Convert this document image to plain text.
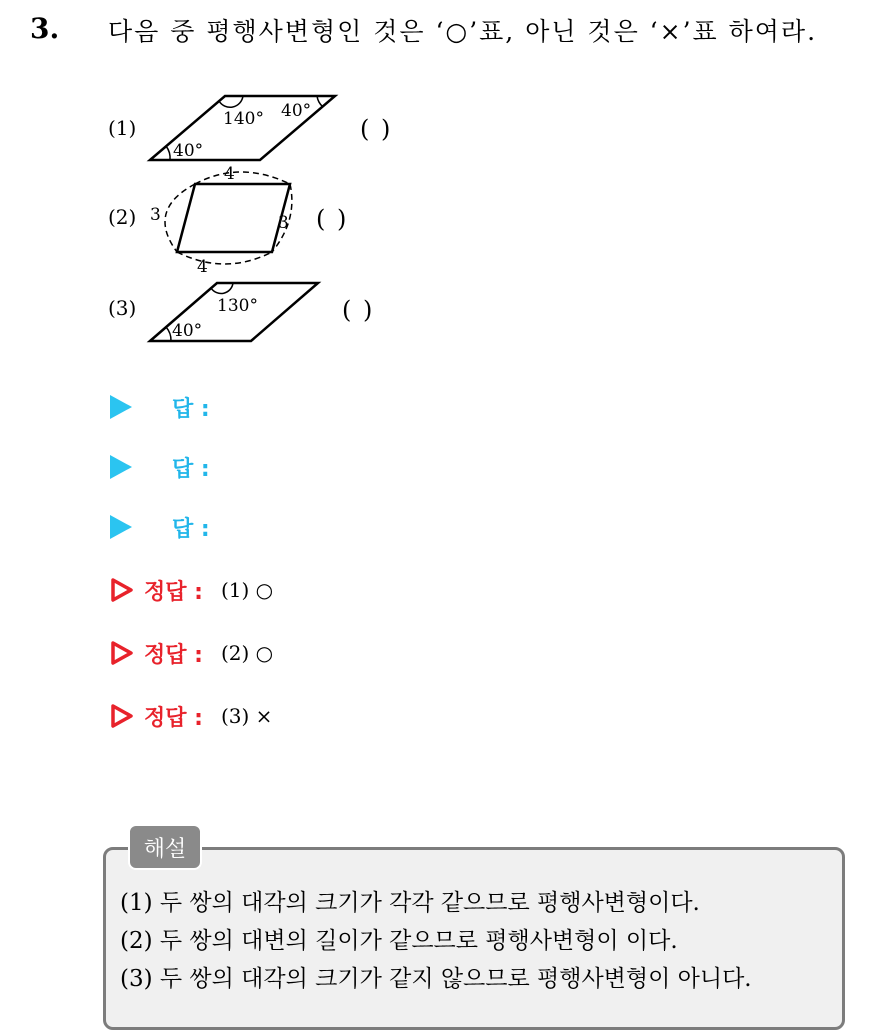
3. 다음 중 평행사변형인 것은 ‘○’표, 아닌 것은 ‘×’표 하여라.
(1)	140° 40°
40°
( )
(2)
4
3	3
4
( )
(3)	130°
40°
( )
답 :
답 :
답 :
정답 : (1) ○
정답 : (2) ○
정답 : (3) ×
해설
(1) 두 쌍의 대각의 크기가 각각 같으므로 평행사변형이다.
(2) 두 쌍의 대변의 길이가 같으므로 평행사변형이 이다.
(3) 두 쌍의 대각의 크기가 같지 않으므로 평행사변형이 아니다.
